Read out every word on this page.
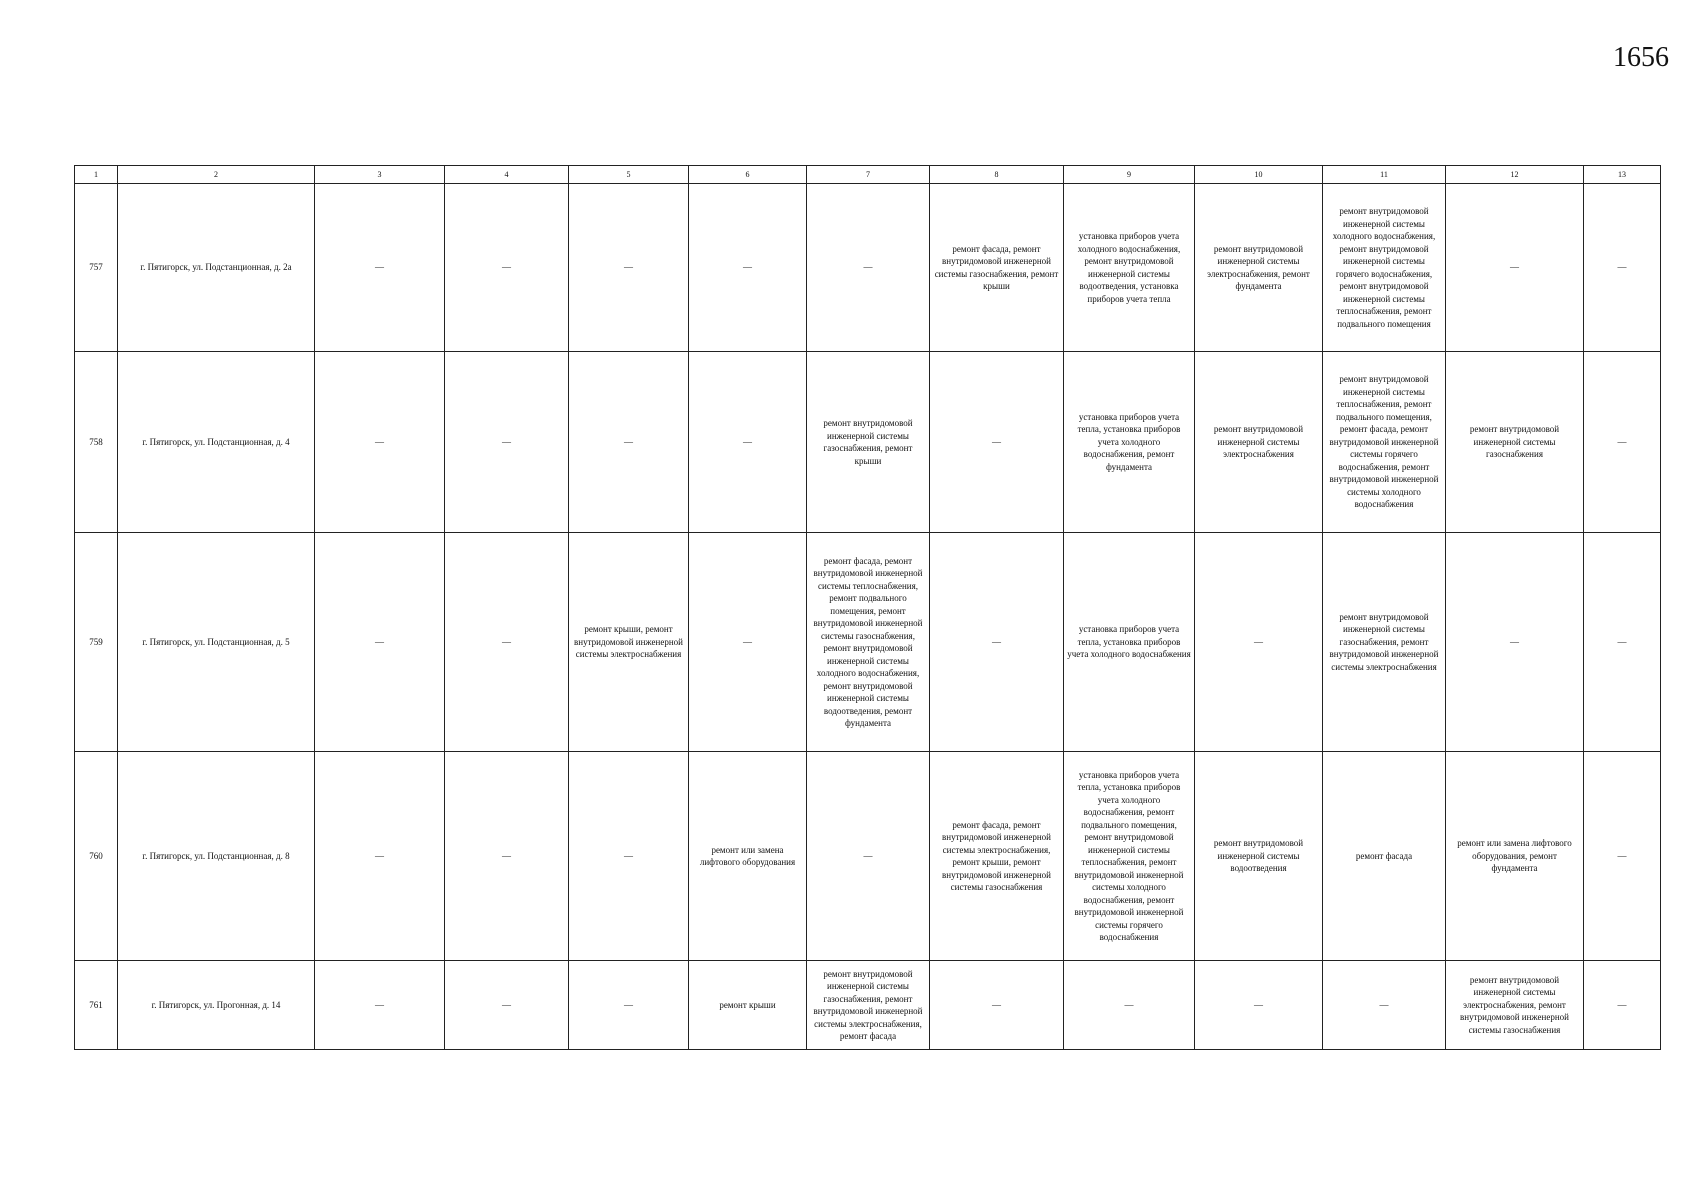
1656
1	2	3	4	5	6	7	8	9	10	11	12	13
757	г. Пятигорск, ул. Подстанционная, д. 2а	—	—	—	—	—	ремонт фасада, ремонт внутридомовой инженерной системы газоснабжения, ремонт крыши	установка приборов учета холодного водоснабжения, ремонт внутридомовой инженерной системы водоотведения, установка приборов учета тепла	ремонт внутридомовой инженерной системы электроснабжения, ремонт фундамента	ремонт внутридомовой инженерной системы холодного водоснабжения, ремонт внутридомовой инженерной системы горячего водоснабжения, ремонт внутридомовой инженерной системы теплоснабжения, ремонт подвального помещения	—	—
758	г. Пятигорск, ул. Подстанционная, д. 4	—	—	—	—	ремонт внутридомовой инженерной системы газоснабжения, ремонт крыши	—	установка приборов учета тепла, установка приборов учета холодного водоснабжения, ремонт фундамента	ремонт внутридомовой инженерной системы электроснабжения	ремонт внутридомовой инженерной системы теплоснабжения, ремонт подвального помещения, ремонт фасада, ремонт внутридомовой инженерной системы горячего водоснабжения, ремонт внутридомовой инженерной системы холодного водоснабжения	ремонт внутридомовой инженерной системы газоснабжения	—
759	г. Пятигорск, ул. Подстанционная, д. 5	—	—	ремонт крыши, ремонт внутридомовой инженерной системы электроснабжения	—	ремонт фасада, ремонт внутридомовой инженерной системы теплоснабжения, ремонт подвального помещения, ремонт внутридомовой инженерной системы газоснабжения, ремонт внутридомовой инженерной системы холодного водоснабжения, ремонт внутридомовой инженерной системы водоотведения, ремонт фундамента	—	установка приборов учета тепла, установка приборов учета холодного водоснабжения	—	ремонт внутридомовой инженерной системы газоснабжения, ремонт внутридомовой инженерной системы электроснабжения	—	—
760	г. Пятигорск, ул. Подстанционная, д. 8	—	—	—	ремонт или замена лифтового оборудования	—	ремонт фасада, ремонт внутридомовой инженерной системы электроснабжения, ремонт крыши, ремонт внутридомовой инженерной системы газоснабжения	установка приборов учета тепла, установка приборов учета холодного водоснабжения, ремонт подвального помещения, ремонт внутридомовой инженерной системы теплоснабжения, ремонт внутридомовой инженерной системы холодного водоснабжения, ремонт внутридомовой инженерной системы горячего водоснабжения	ремонт внутридомовой инженерной системы водоотведения	ремонт фасада	ремонт или замена лифтового оборудования, ремонт фундамента	—
761	г. Пятигорск, ул. Прогонная, д. 14	—	—	—	ремонт крыши	ремонт внутридомовой инженерной системы газоснабжения, ремонт внутридомовой инженерной системы электроснабжения, ремонт фасада	—	—	—	—	ремонт внутридомовой инженерной системы электроснабжения, ремонт внутридомовой инженерной системы газоснабжения	—
